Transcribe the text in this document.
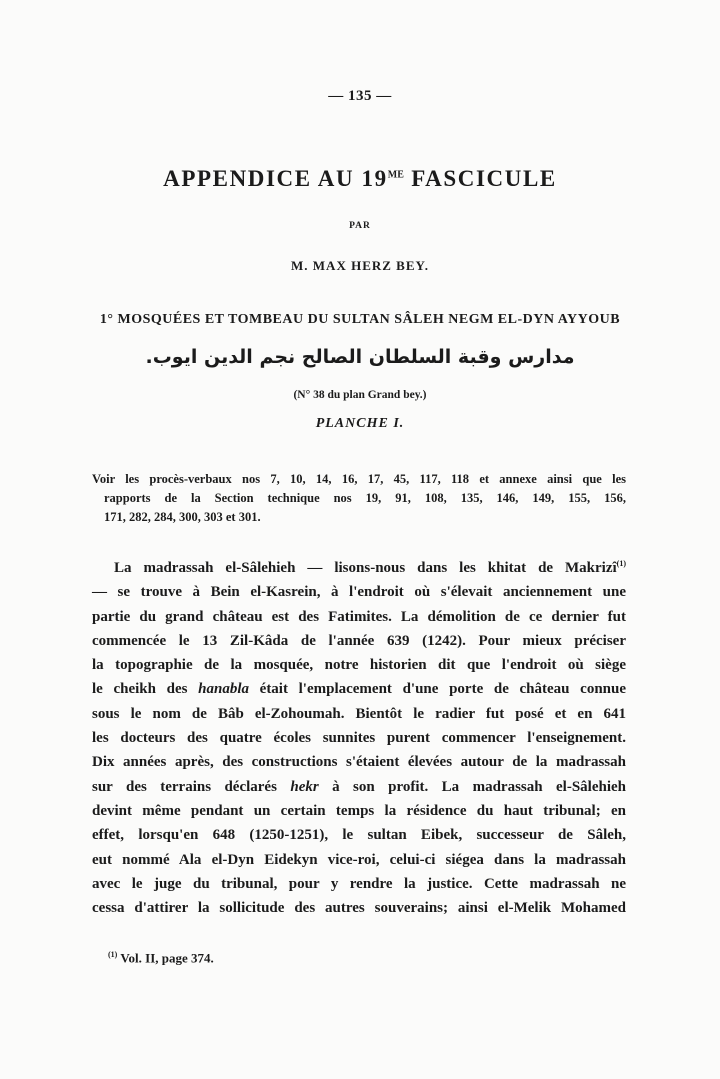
— 135 —
APPENDICE AU $19^{ME}$ FASCICULE
PAR
M. MAX HERZ BEY.
1° MOSQUÉES ET TOMBEAU DU SULTAN SÂLEH NEGM EL-DYN AYYOUB
مدارس وقبة السلطان الصالح نجم الدين ايوب.
(N° 38 du plan Grand bey.)
PLANCHE I.
Voir les procès-verbaux nos 7, 10, 14, 16, 17, 45, 117, 118 et annexe ainsi que les
rapports de la Section technique nos 19, 91, 108, 135, 146, 149, 155, 156,
171, 282, 284, 300, 303 et 301.
La madrassah el-Sâlehieh — lisons-nous dans les khitat de Makrizî$^{(1)}$
— se trouve à Bein el-Kasrein, à l'endroit où s'élevait anciennement une
partie du grand château est des Fatimites. La démolition de ce dernier fut
commencée le 13 Zil-Kâda de l'année 639 (1242). Pour mieux préciser
la topographie de la mosquée, notre historien dit que l'endroit où siège
le cheikh des hanabla était l'emplacement d'une porte de château connue
sous le nom de Bâb el-Zohoumah. Bientôt le radier fut posé et en 641
les docteurs des quatre écoles sunnites purent commencer l'enseignement.
Dix années après, des constructions s'étaient élevées autour de la madrassah
sur des terrains déclarés hekr à son profit. La madrassah el-Sâlehieh
devint même pendant un certain temps la résidence du haut tribunal; en
effet, lorsqu'en 648 (1250-1251), le sultan Eibek, successeur de Sâleh,
eut nommé Ala el-Dyn Eidekyn vice-roi, celui-ci siégea dans la madrassah
avec le juge du tribunal, pour y rendre la justice. Cette madrassah ne
cessa d'attirer la sollicitude des autres souverains; ainsi el-Melik Mohamed
$^{(1)}$ Vol. II, page 374.
